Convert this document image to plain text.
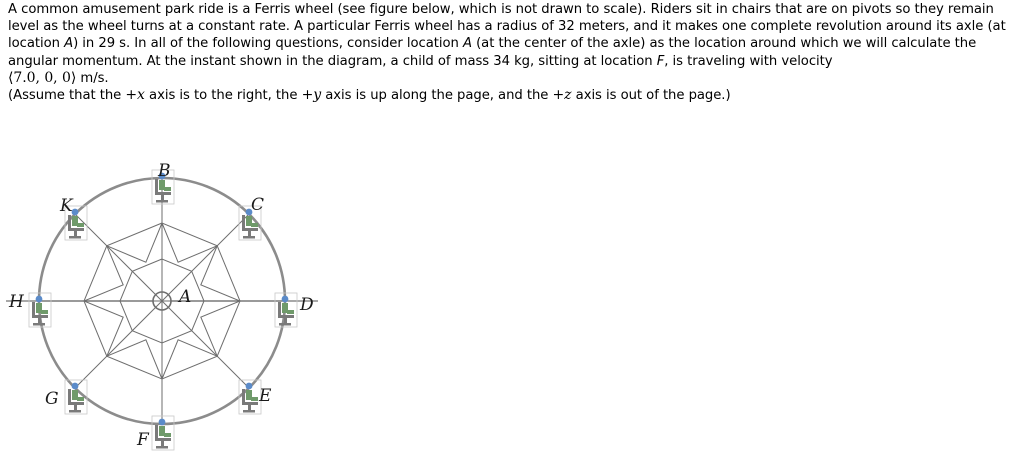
A common amusement park ride is a Ferris wheel (see figure below, which is not drawn to scale). Riders sit in chairs that are on pivots so they remain level as the wheel turns at a constant rate. A particular Ferris wheel has a radius of 32 meters, and it makes one complete revolution around its axle (at location A) in 29 s. In all of the following questions, consider location A (at the center of the axle) as the location around which we will calculate the angular momentum. At the instant shown in the diagram, a child of mass 34 kg, sitting at location F, is traveling with velocity
⟨7.0, 0, 0⟩ m/s.

(Assume that the +x axis is to the right, the +y axis is up along the page, and the +z axis is out of the page.)

B
K	C
H	A	D
G	E
F
